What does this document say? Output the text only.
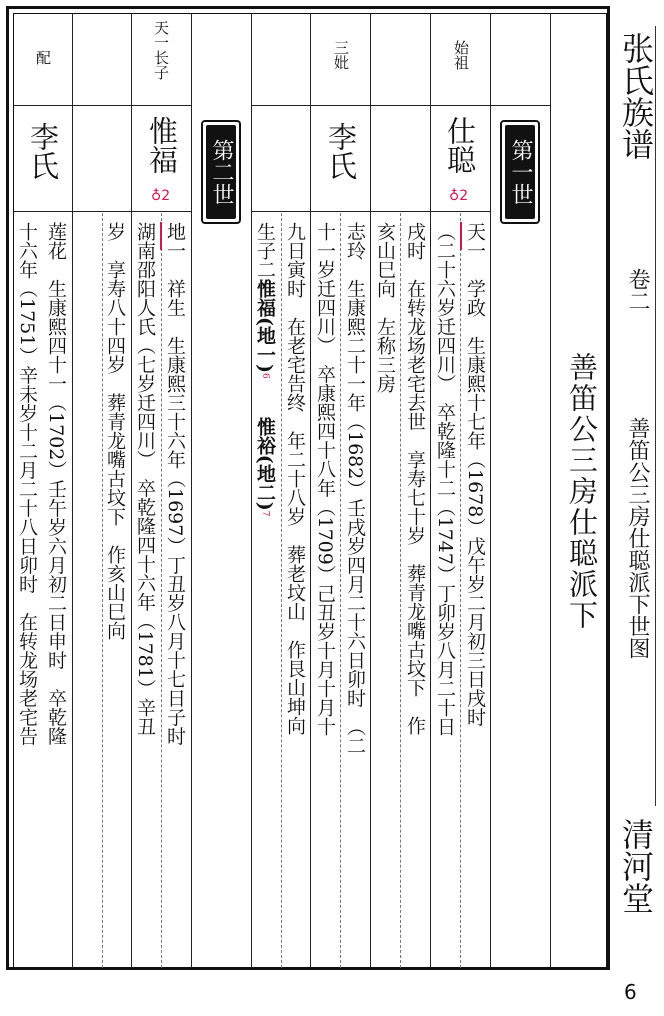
始祖
三妣
天一长子
配
仕聪
♁2
李氏
惟福
♁2
李氏	第一世
第二世
天一　学政　生康熙十七年（1678）戊午岁二月初三日戌时
（二十六岁迁四川）　卒乾隆十二（1747）丁卯岁八月二十日
戌时　在转龙场老宅去世　享寿七十岁　葬青龙嘴古坟下　作
亥山巳向　左称三房
志玲　生康熙二十一年（1682）壬戌岁四月二十六日卯时　（二
十一岁迁四川）　卒康熙四十八年（1709）己丑岁十月十月十
九日寅时　在老宅告终　年二十八岁　葬老坟山　作艮山坤向
生子二惟福(地一)6　　惟裕(地二)7
地一　祥生　生康熙三十六年（1697）丁丑岁八月十七日子时
湖南邵阳人氏（七岁迁四川）　卒乾隆四十六年（1781）辛丑
岁　享寿八十四岁　葬青龙嘴古坟下　作亥山巳向
莲花　生康熙四十一（1702）壬午岁六月初二日申时　卒乾隆
十六年（1751）辛未岁十二月二十八日卯时　在转龙场老宅告	善笛公三房仕聪派下
张氏族谱
卷二
善笛公三房仕聪派下世图
清河堂
6
